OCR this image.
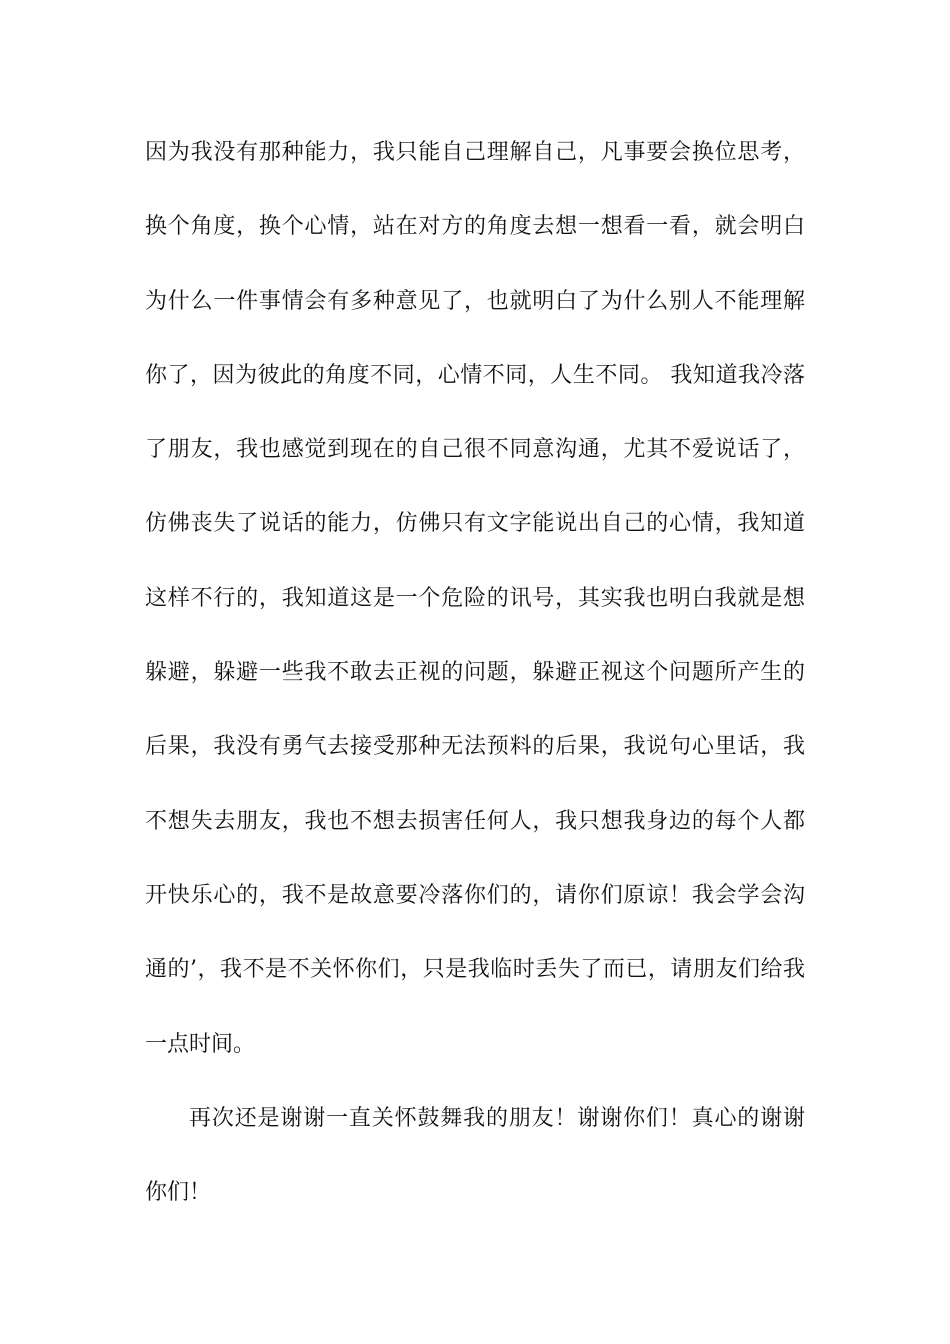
因为我没有那种能力，我只能自己理解自己，凡事要会换位思考，
换个角度，换个心情，站在对方的角度去想一想看一看，就会明白
为什么一件事情会有多种意见了，也就明白了为什么别人不能理解
你了，因为彼此的角度不同，心情不同，人生不同。 我知道我冷落
了朋友，我也感觉到现在的自己很不同意沟通，尤其不爱说话了，
仿佛丧失了说话的能力，仿佛只有文字能说出自己的心情，我知道
这样不行的，我知道这是一个危险的讯号，其实我也明白我就是想
躲避，躲避一些我不敢去正视的问题，躲避正视这个问题所产生的
后果，我没有勇气去接受那种无法预料的后果，我说句心里话，我
不想失去朋友，我也不想去损害任何人，我只想我身边的每个人都
开快乐心的，我不是故意要冷落你们的，请你们原谅！我会学会沟
通的’，我不是不关怀你们，只是我临时丢失了而已，请朋友们给我
一点时间。
再次还是谢谢一直关怀鼓舞我的朋友！谢谢你们！真心的谢谢
你们！
